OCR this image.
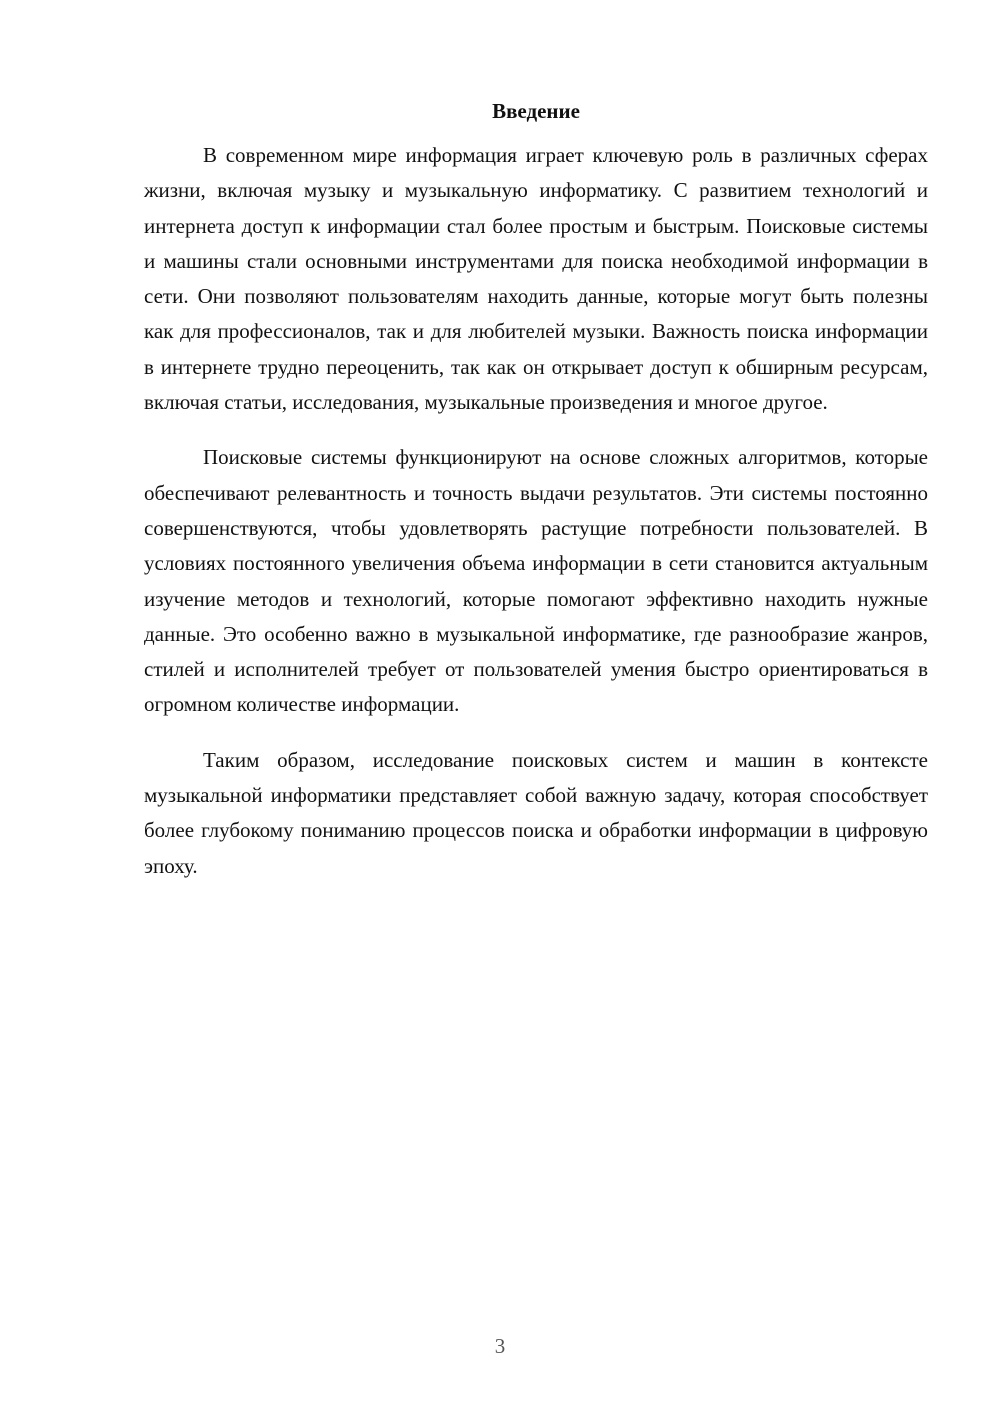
Введение

В современном мире информация играет ключевую роль в различных сферах жизни, включая музыку и музыкальную информатику. С развитием технологий и интернета доступ к информации стал более простым и быстрым. Поисковые системы и машины стали основными инструментами для поиска необходимой информации в сети. Они позволяют пользователям находить данные, которые могут быть полезны как для профессионалов, так и для любителей музыки. Важность поиска информации в интернете трудно переоценить, так как он открывает доступ к обширным ресурсам, включая статьи, исследования, музыкальные произведения и многое другое.

Поисковые системы функционируют на основе сложных алгоритмов, которые обеспечивают релевантность и точность выдачи результатов. Эти системы постоянно совершенствуются, чтобы удовлетворять растущие потребности пользователей. В условиях постоянного увеличения объема информации в сети становится актуальным изучение методов и технологий, которые помогают эффективно находить нужные данные. Это особенно важно в музыкальной информатике, где разнообразие жанров, стилей и исполнителей требует от пользователей умения быстро ориентироваться в огромном количестве информации.

Таким образом, исследование поисковых систем и машин в контексте музыкальной информатики представляет собой важную задачу, которая способствует более глубокому пониманию процессов поиска и обработки информации в цифровую эпоху.

3
